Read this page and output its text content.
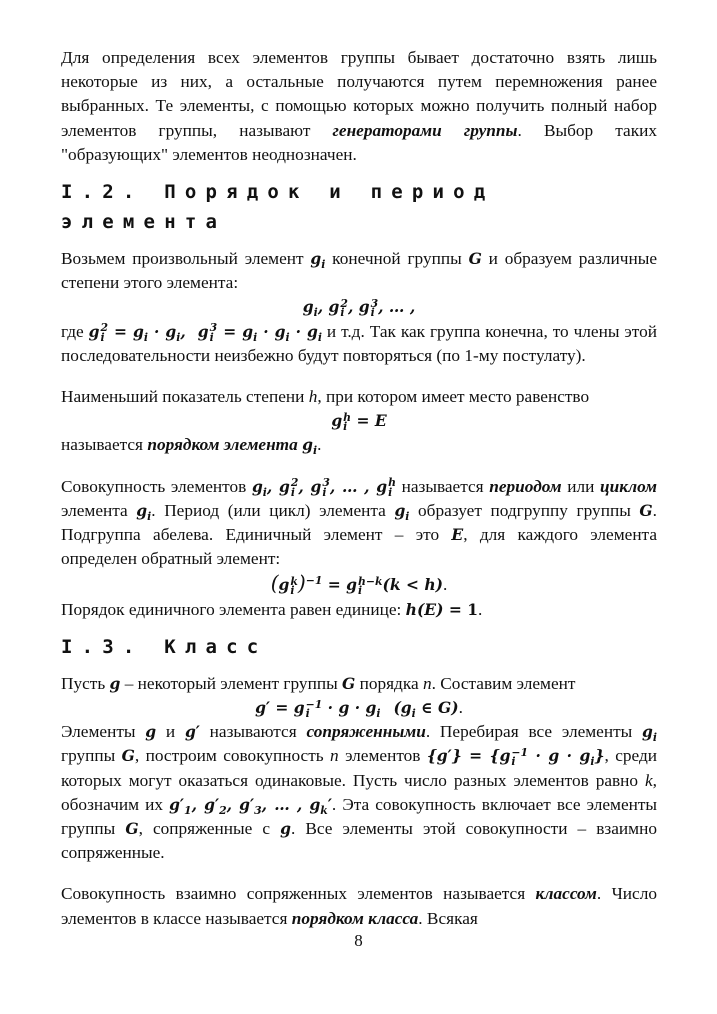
Для определения всех элементов группы бывает достаточно взять лишь некоторые из них, а остальные получаются путем перемножения ранее выбранных. Те элементы, с помощью которых можно получить полный набор элементов группы, называют генераторами группы. Выбор таких "образующих" элементов неоднозначен.

I.2. Порядок и период элемента

Возьмем произвольный элемент $g_i$ конечной группы G и образуем различные степени этого элемента:

$g_i$, g 2
i , g 3
i , … ,

где g 2
$i = g_i \cdot g_i$,  g 3
$i = g_i \cdot g_i \cdot g_i$ и т.д. Так как группа конечна, то члены этой последовательности неизбежно будут повторяться (по 1-му постулату).

Наименьший показатель степени h, при котором имеет место равенство

g h
i = E

называется порядком элемента $g_i$.

Совокупность элементов $g_i$, g 2
i , g 3
i , … , g h
i называется периодом или циклом элемента $g_i$. Период (или цикл) элемента $g_i$ образует подгруппу группы G. Подгруппа абелева. Единичный элемент – это E, для каждого элемента определен обратный элемент:

(g k
i )$^{-1}$ = g h−k
i	(k < h).

Порядок единичного элемента равен единице: h(E) = 1.

I.3. Класс

Пусть g – некоторый элемент группы G порядка n. Составим элемент

g′ = g −1
$i \cdot g \cdot g_i$ ($g_i$ ∈ G).

Элементы g и g′ называются сопряженными. Перебирая все элементы $g_i$ группы G, построим совокупность n элементов {g′} = {g −1
$i \cdot g \cdot g_i$}, среди которых могут оказаться одинаковые. Пусть число разных элементов равно k, обозначим их $g'_1$, $g'_2$, $g'_3$, … , $g_k'$. Эта совокупность включает все элементы группы G, сопряженные с g. Все элементы этой совокупности – взаимно сопряженные.

Совокупность взаимно сопряженных элементов называется классом. Число элементов в классе называется порядком класса. Всякая

8
